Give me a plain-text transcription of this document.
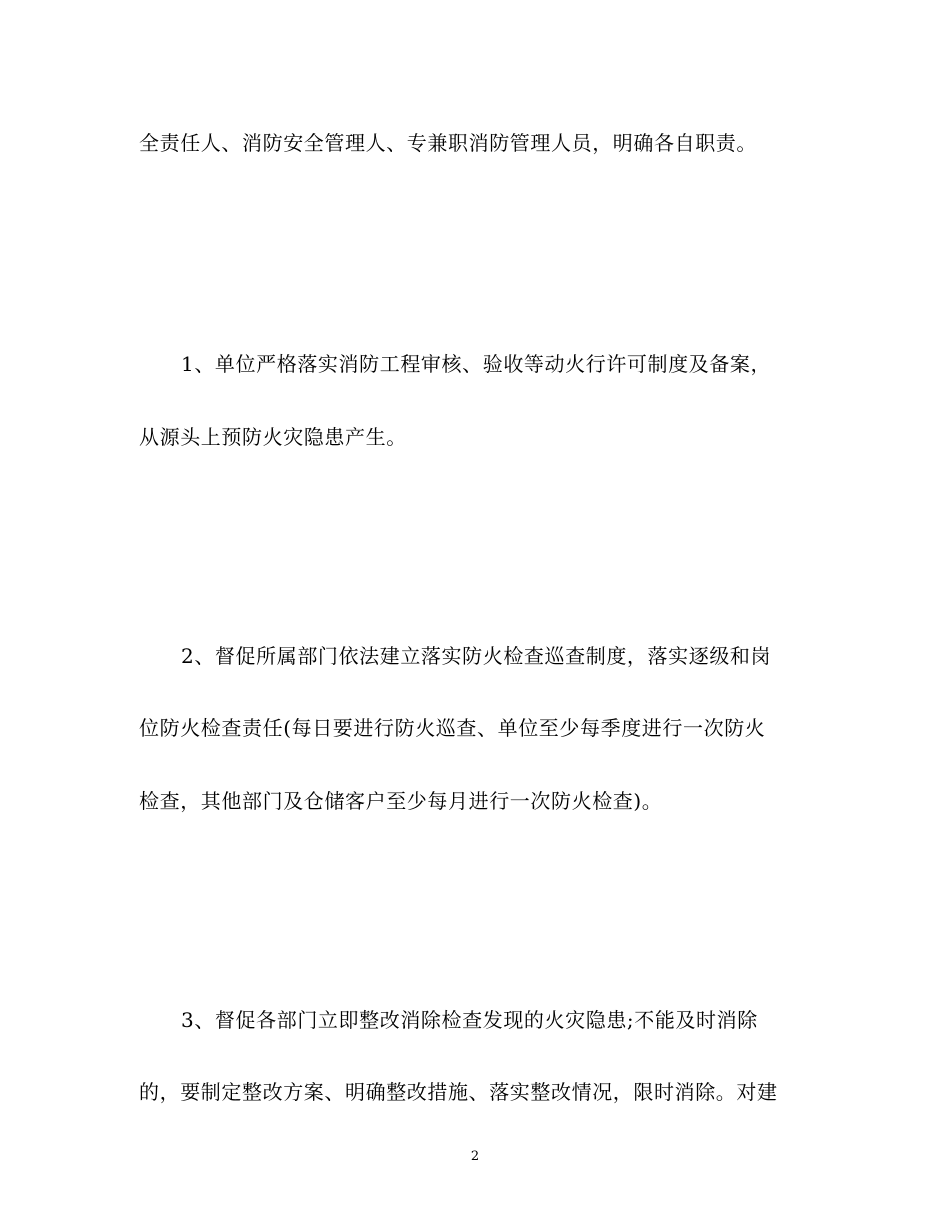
全责任人、消防安全管理人、专兼职消防管理人员，明确各自职责。
1、单位严格落实消防工程审核、验收等动火行许可制度及备案，
从源头上预防火灾隐患产生。
2、督促所属部门依法建立落实防火检查巡查制度，落实逐级和岗
位防火检查责任(每日要进行防火巡查、单位至少每季度进行一次防火
检查，其他部门及仓储客户至少每月进行一次防火检查)。
3、督促各部门立即整改消除检查发现的火灾隐患;不能及时消除
的，要制定整改方案、明确整改措施、落实整改情况，限时消除。对建
2
